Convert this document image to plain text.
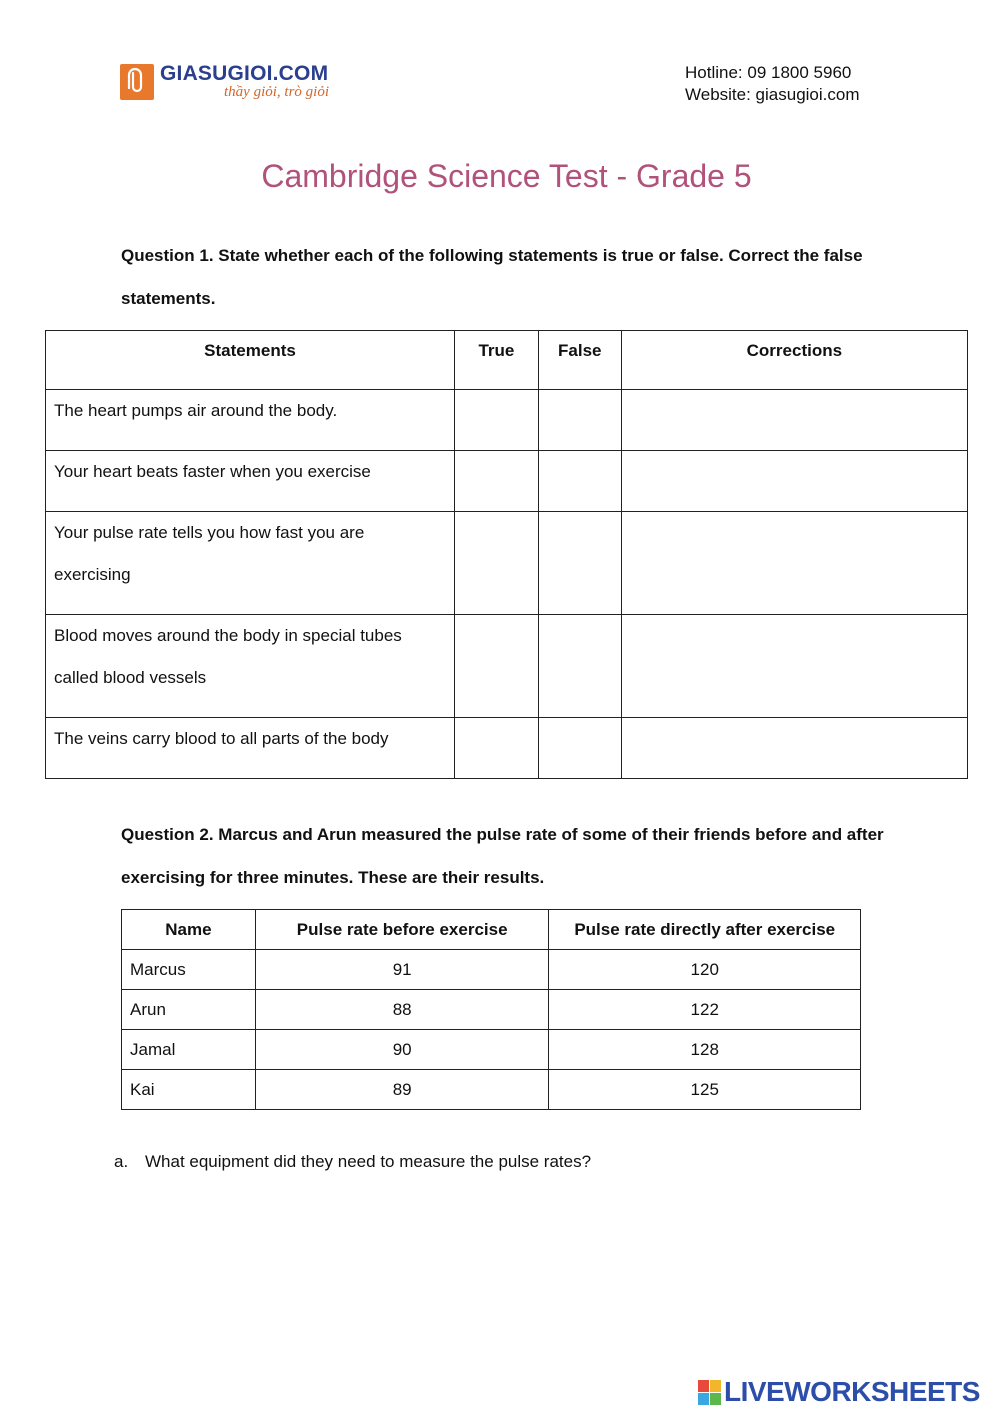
GIASUGIOI.COM
thầy giỏi, trò giỏi
Hotline: 09 1800 5960
Website: giasugioi.com
Cambridge Science Test - Grade 5
Question 1. State whether each of the following statements is true or false. Correct the false statements.
Statements	True	False	Corrections

The heart pumps air around the body.			

Your heart beats faster when you exercise			

Your pulse rate tells you how fast you are exercising			

Blood moves around the body in special tubes called blood vessels			

The veins carry blood to all parts of the body			

Question 2. Marcus and Arun measured the pulse rate of some of their friends before and after exercising for three minutes. These are their results.
Name	Pulse rate before exercise	Pulse rate directly after exercise
Marcus	91	120
Arun	88	122
Jamal	90	128
Kai	89	125
a. What equipment did they need to measure the pulse rates?
LIVEWORKSHEETS
